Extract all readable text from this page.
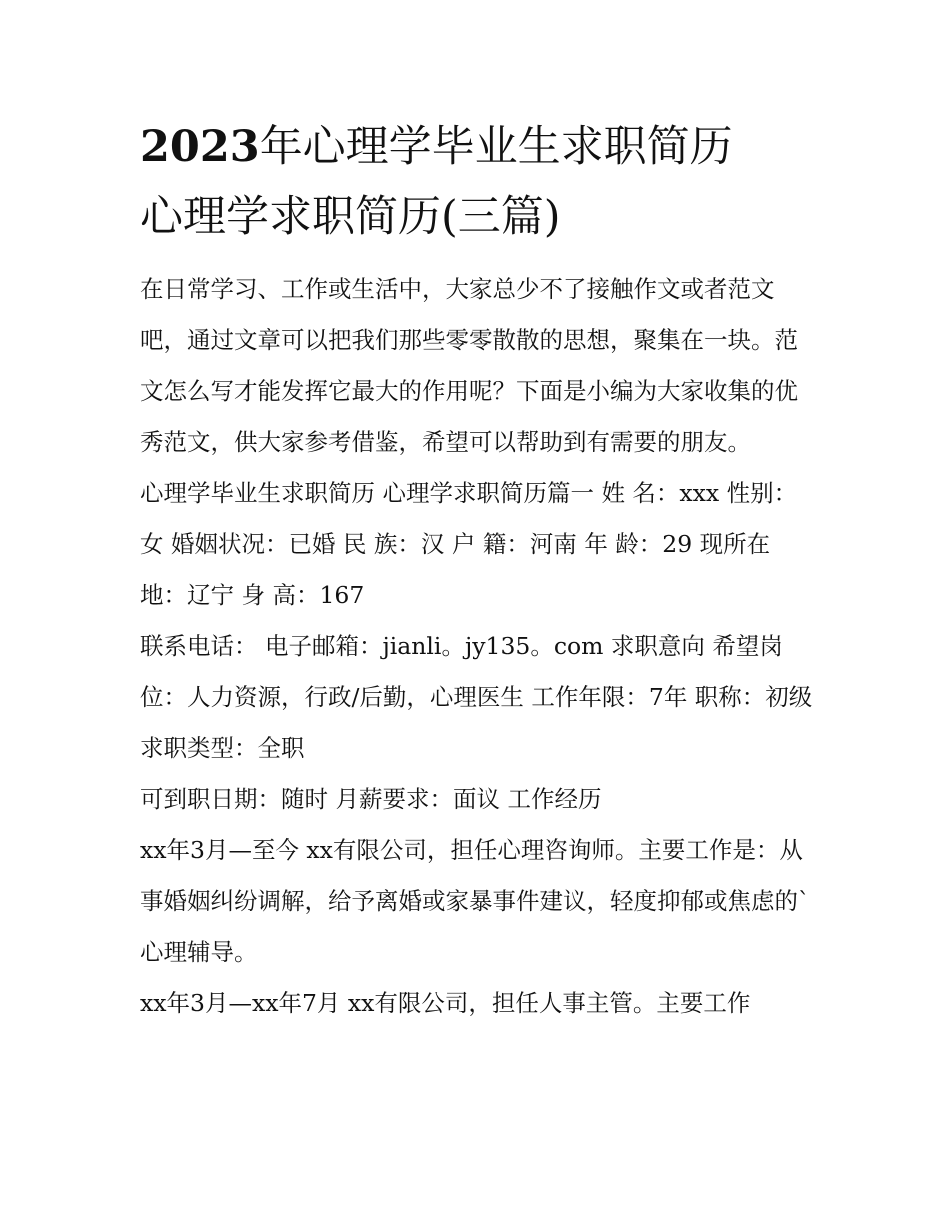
2023年心理学毕业生求职简历
心理学求职简历(三篇)

在日常学习、工作或生活中，大家总少不了接触作文或者范文吧，通过文章可以把我们那些零零散散的思想，聚集在一块。范文怎么写才能发挥它最大的作用呢？下面是小编为大家收集的优秀范文，供大家参考借鉴，希望可以帮助到有需要的朋友。

心理学毕业生求职简历 心理学求职简历篇一 姓 名：xxx 性别：女 婚姻状况：已婚 民 族：汉 户 籍：河南 年 龄：29 现所在地：辽宁 身 高：167

联系电话： 电子邮箱：jianli。jy135。com 求职意向 希望岗位：人力资源，行政/后勤，心理医生 工作年限：7年 职称：初级 求职类型：全职

可到职日期：随时 月薪要求：面议 工作经历

xx年3月—至今 xx有限公司，担任心理咨询师。主要工作是：从事婚姻纠纷调解，给予离婚或家暴事件建议，轻度抑郁或焦虑的`心理辅导。

xx年3月—xx年7月 xx有限公司，担任人事主管。主要工作
